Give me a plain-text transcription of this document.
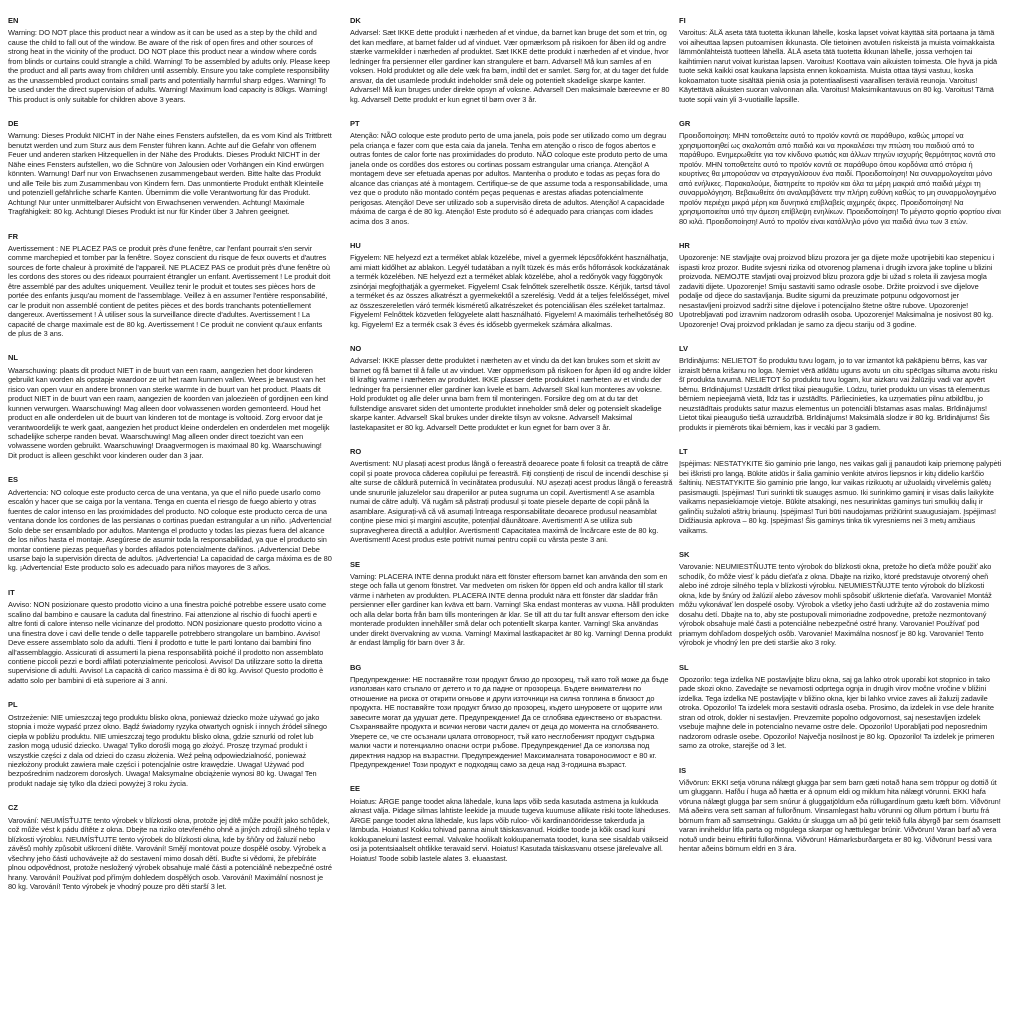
EN

Warning: DO NOT place this product near a window as it can be used as a step by the child and cause the child to fall out of the window. Be aware of the risk of open fires and other sources of strong heat in the vicinity of the product. DO NOT place this product near a window where cords from blinds or curtains could strangle a child. Warning! To be assembled by adults only. Please keep the product and all parts away from children until assembly. Ensure you take complete responsibility as the unassembled product contains small parts and potentially harmful sharp edges. Warning! To be used under the direct supervision of adults. Warning! Maximum load capacity is 80kgs. Warning! This product is only suitable for children above 3 years.

DE

Warnung: Dieses Produkt NICHT in der Nähe eines Fensters aufstellen, da es vom Kind als Trittbrett benutzt werden und zum Sturz aus dem Fenster führen kann. Achte auf die Gefahr von offenem Feuer und anderen starken Hitzequellen in der Nähe des Produkts. Dieses Produkt NICHT in der Nähe eines Fensters aufstellen, wo die Schnüre von Jalousien oder Vorhängen ein Kind erwürgen könnten. Warnung! Darf nur von Erwachsenen zusammengebaut werden. Bitte halte das Produkt und alle Teile bis zum Zusammenbau von Kindern fern. Das unmontierte Produkt enthält Kleinteile und potenziell gefährliche scharfe Kanten. Übernimm die volle Verantwortung für das Produkt. Achtung! Nur unter unmittelbarer Aufsicht von Erwachsenen verwenden. Achtung! Maximale Tragfähigkeit: 80 kg. Achtung! Dieses Produkt ist nur für Kinder über 3 Jahren geeignet.

FR

Avertissement : NE PLACEZ PAS ce produit près d'une fenêtre, car l'enfant pourrait s'en servir comme marchepied et tomber par la fenêtre. Soyez conscient du risque de feux ouverts et d'autres sources de forte chaleur à proximité de l'appareil. NE PLACEZ PAS ce produit près d'une fenêtre où les cordons des stores ou des rideaux pourraient étrangler un enfant. Avertissement ! Le produit doit être assemblé par des adultes uniquement. Veuillez tenir le produit et toutes ses pièces hors de portée des enfants jusqu'au moment de l'assemblage. Veillez à en assumer l'entière responsabilité, car le produit non assemblé contient de petites pièces et des bords tranchants potentiellement dangereux. Avertissement ! À utiliser sous la surveillance directe d'adultes. Avertissement ! La capacité de charge maximale est de 80 kg. Avertissement ! Ce produit ne convient qu'aux enfants de plus de 3 ans.

NL

Waarschuwing: plaats dit product NIET in de buurt van een raam, aangezien het door kinderen gebruikt kan worden als opstapje waardoor ze uit het raam kunnen vallen. Wees je bewust van het risico van open vuur en andere bronnen van sterke warmte in de buurt van het product. Plaats dit product NIET in de buurt van een raam, aangezien de koorden van jaloezieën of gordijnen een kind kunnen verwurgen. Waarschuwing! Mag alleen door volwassenen worden gemonteerd. Houd het product en alle onderdelen uit de buurt van kinderen tot de montage is voltooid. Zorg ervoor dat je verantwoordelijk te werk gaat, aangezien het product kleine onderdelen en onderdelen met mogelijk schadelijke scherpe randen bevat. Waarschuwing! Mag alleen onder direct toezicht van een volwassene worden gebruikt. Waarschuwing! Draagvermogen is maximaal 80 kg. Waarschuwing! Dit product is alleen geschikt voor kinderen ouder dan 3 jaar.

ES

Advertencia: NO coloque este producto cerca de una ventana, ya que el niño puede usarlo como escalón y hacer que se caiga por la ventana. Tenga en cuenta el riesgo de fuego abierto y otras fuentes de calor intenso en las proximidades del producto. NO coloque este producto cerca de una ventana donde los cordones de las persianas o cortinas puedan estrangular a un niño. ¡Advertencia! Solo debe ser ensamblado por adultos. Mantenga el producto y todas las piezas fuera del alcance de los niños hasta el montaje. Asegúrese de asumir toda la responsabilidad, ya que el producto sin montar contiene piezas pequeñas y bordes afilados potencialmente dañinos. ¡Advertencia! Debe usarse bajo la supervisión directa de adultos. ¡Advertencia! La capacidad de carga máxima es de 80 kg. ¡Advertencia! Este producto solo es adecuado para niños mayores de 3 años.

IT

Avviso: NON posizionare questo prodotto vicino a una finestra poiché potrebbe essere usato come scalino dal bambino e causare la caduta dal finestrino. Fai attenzione al rischio di fuochi aperti e altre fonti di calore intenso nelle vicinanze del prodotto. NON posizionare questo prodotto vicino a una finestra dove i cavi delle tende o delle tapparelle potrebbero strangolare un bambino. Avviso! Deve essere assemblato solo da adulti. Tieni il prodotto e tutte le parti lontano dai bambini fino all'assemblaggio. Assicurati di assumerti la piena responsabilità poiché il prodotto non assemblato contiene piccoli pezzi e bordi affilati potenzialmente pericolosi. Avviso! Da utilizzare sotto la diretta supervisione di adulti. Avviso! La capacità di carico massima è di 80 kg. Avviso! Questo prodotto è adatto solo per bambini di età superiore ai 3 anni.

PL

Ostrzeżenie: NIE umieszczaj tego produktu blisko okna, ponieważ dziecko może używać go jako stopnia i może wypaść przez okno. Bądź świadomy ryzyka otwartych ognisk i innych źródeł silnego ciepła w pobliżu produktu. NIE umieszczaj tego produktu blisko okna, gdzie sznurki od rolet lub zasłon mogą udusić dziecko. Uwaga! Tylko dorośli mogą go złożyć. Proszę trzymać produkt i wszystkie części z dala od dzieci do czasu złożenia. Weź pełną odpowiedzialność, ponieważ niezłożony produkt zawiera małe części i potencjalnie ostre krawędzie. Uwaga! Używać pod bezpośrednim nadzorem dorosłych. Uwaga! Maksymalne obciążenie wynosi 80 kg. Uwaga! Ten produkt nadaje się tylko dla dzieci powyżej 3 roku życia.

CZ

Varování: NEUMÍSŤUJTE tento výrobek v blízkosti okna, protože jej dítě může použít jako schůdek, což může vést k pádu dítěte z okna. Dbejte na riziko otevřeného ohně a jiných zdrojů silného tepla v blízkosti výrobku. NEUMÍSŤUJTE tento výrobek do blízkosti okna, kde by šňůry od žaluzií nebo závěsů mohly způsobit uškrcení dítěte. Varování! Smějí montovat pouze dospělé osoby. Výrobek a všechny jeho části uchovávejte až do sestavení mimo dosah dětí. Buďte si vědomi, že přebíráte plnou odpovědnost, protože nesložený výrobek obsahuje malé části a potenciálně nebezpečné ostré hrany. Varování! Používat pod přímým dohledem dospělých osob. Varování! Maximální nosnost je 80 kg. Varování! Tento výrobek je vhodný pouze pro děti starší 3 let.

DK

Advarsel: Sæt IKKE dette produkt i nærheden af et vindue, da barnet kan bruge det som et trin, og det kan medføre, at barnet falder ud af vinduet. Vær opmærksom på risikoen for åben ild og andre stærke varmekilder i nærheden af produktet. Sæt IKKE dette produkt i nærheden af et vindue, hvor ledninger fra persienner eller gardiner kan strangulere et barn. Advarsel! Må kun samles af en voksen. Hold produktet og alle dele væk fra børn, indtil det er samlet. Sørg for, at du tager det fulde ansvar, da det usamlede produkt indeholder små dele og potentielt skadelige skarpe kanter. Advarsel! Må kun bruges under direkte opsyn af voksne. Advarsel! Den maksimale bæreevne er 80 kg. Advarsel! Dette produkt er kun egnet til børn over 3 år.

PT

Atenção: NÃO coloque este produto perto de uma janela, pois pode ser utilizado como um degrau pela criança e fazer com que esta caia da janela. Tenha em atenção o risco de fogos abertos e outras fontes de calor forte nas proximidades do produto. NÃO coloque este produto perto de uma janela onde os cordões dos estores ou cortinas possam estrangular uma criança. Atenção! A montagem deve ser efetuada apenas por adultos. Mantenha o produto e todas as peças fora do alcance das crianças até à montagem. Certifique-se de que assume toda a responsabilidade, uma vez que o produto não montado contém peças pequenas e arestas afiadas potencialmente perigosas. Atenção! Deve ser utilizado sob a supervisão direta de adultos. Atenção! A capacidade máxima de carga é de 80 kg. Atenção! Este produto só é adequado para crianças com idades acima dos 3 anos.

HU

Figyelem: NE helyezd ezt a terméket ablak közelébe, mivel a gyermek lépcsőfokként használhatja, ami miatt kidőlhet az ablakon. Legyél tudatában a nyílt tüzek és más erős hőforrások kockázatának a termék közelében. NE helyezd ezt a terméket ablak közelébe, ahol a redőnyök vagy függönyök zsinórjai megfojthatják a gyermeket. Figyelem! Csak felnőttek szerelhetik össze. Kérjük, tartsd távol a terméket és az összes alkatrészt a gyermekektől a szerelésig. Vedd át a teljes felelősséget, mivel az összeszereletlen váró termék kisméretű alkatrészeket és potenciálisan éles széleket tartalmaz. Figyelem! Felnőttek közvetlen felügyelete alatt használható. Figyelem! A maximális terhelhetőség 80 kg. Figyelem! Ez a termék csak 3 éves és idősebb gyermekek számára alkalmas.

NO

Advarsel: IKKE plasser dette produktet i nærheten av et vindu da det kan brukes som et skritt av barnet og få barnet til å falle ut av vinduet. Vær oppmerksom på risikoen for åpen ild og andre kilder til kraftig varme i nærheten av produktet. IKKE plasser dette produktet i nærheten av et vindu der ledninger fra persienner eller gardiner kan kvele et barn. Advarsel! Skal kun monteres av voksne. Hold produktet og alle deler unna barn frem til monteringen. Forsikre deg om at du tar det fullstendige ansvaret siden det umonterte produktet inneholder små deler og potensielt skadelige skarpe kanter. Advarsel! Skal brukes under direkte tilsyn av voksne. Advarsel! Maksimal lastekapasitet er 80 kg. Advarsel! Dette produktet er kun egnet for barn over 3 år.

RO

Avertisment: NU plasați acest produs lângă o fereastră deoarece poate fi folosit ca treaptă de către copil și poate provoca căderea copilului pe fereastră. Fiți conștienți de riscul de incendii deschise și alte surse de căldură puternică în vecinătatea produsului. NU așezați acest produs lângă o fereastră unde snururile jaluzelelor sau draperiilor ar putea sugruma un copil. Avertisment! A se asambla numai de către adulți. Vă rugăm să păstrați produsul și toate piesele departe de copii până la asamblare. Asigurați-vă că vă asumați întreaga responsabilitate deoarece produsul neasamblat conține piese mici și margini ascuțite, potențial dăunătoare. Avertisment! A se utiliza sub supravegherea directă a adulților. Avertisment! Capacitatea maximă de încărcare este de 80 kg. Avertisment! Acest produs este potrivit numai pentru copiii cu vârsta peste 3 ani.

SE

Varning: PLACERA INTE denna produkt nära ett fönster eftersom barnet kan använda den som en stege och falla ut genom fönstret. Var medveten om risken för öppen eld och andra källor till stark värme i närheten av produkten. PLACERA INTE denna produkt nära ett fönster där sladdar från persienner eller gardiner kan kväva ett barn. Varning! Ska endast monteras av vuxna. Håll produkten och alla delar borta från barn tills monteringen är klar. Se till att du tar fullt ansvar eftersom den icke monterade produkten innehåller små delar och potentiellt skarpa kanter. Varning! Ska användas under direkt övervakning av vuxna. Varning! Maximal lastkapacitet är 80 kg. Varning! Denna produkt är endast lämplig för barn över 3 år.

BG

Предупреждение: НЕ поставяйте този продукт близо до прозорец, тъй като той може да бъде използван като стъпало от детето и то да падне от прозореца. Бъдете внимателни по отношение на риска от открити огньове и други източници на силна топлина в близост до продукта. НЕ поставяйте този продукт близо до прозорец, където шнуровете от щорите или завесите могат да удушат дете. Предупреждение! Да се сглобява единствено от възрастни. Съхранявайте продукта и всички негови части далеч от деца до момента на сглобяването. Уверете се, че сте осъзнали цялата отговорност, тъй като несглобеният продукт съдържа малки части и потенциално опасни остри ръбове. Предупреждение! Да се използва под директния надзор на възрастни. Предупреждение! Максималната товароносимост е 80 кг. Предупреждение! Този продукт е подходящ само за деца над 3-годишна възраст.

EE

Hoiatus: ÄRGE pange toodet akna lähedale, kuna laps võib seda kasutada astmena ja kukkuda aknast välja. Pidage silmas lahtiste leekide ja muude tugevа kuumuse allikate riski toote läheduses. ÄRGE pange toodet akna lähedale, kus laps võib ruloo- või kardinanööridesse takerduda ja lämbuda. Hoiatus! Kokku tohivad panna ainult täiskasvanud. Hoidke toode ja kõik osad kuni kokkupanekuni lastest eemal. Valvake hoolikalt kokkupanemata toodet, kuna see sisaldab väikseid osi ja potentsiaalselt ohtlikke teravaid servi. Hoiatus! Kasutada täiskasvanu otsese järelevalve all. Hoiatus! Toode sobib lastele alates 3. eluaastast.

FI

Varoitus: ÄLÄ aseta tätä tuotetta ikkunan lähelle, koska lapset voivat käyttää sitä portaana ja tämä voi aiheuttaa lapsen putoamisen ikkunasta. Ole tietoinen avotulen riskeistä ja muista voimakkaista lämmönlähteistä tuotteen lähellä. ÄLÄ aseta tätä tuotetta ikkunan lähelle, jossa verhojen tai kaihtimien narut voivat kuristaa lapsen. Varoitus! Koottava vain aikuisten toimesta. Ole hyvä ja pidä tuote sekä kaikki osat kaukana lapsista ennen kokoamista. Muista ottaa täysi vastuu, koska kokoamaton tuote sisältää pieniä osia ja potentiaalisesti vaarallisen teräviä reunoja. Varoitus! Käytettävä aikuisten suoran valvonnan alla. Varoitus! Maksimikantavuus on 80 kg. Varoitus! Tämä tuote sopii vain yli 3-vuotiaille lapsille.

GR

Προειδοποίηση: ΜΗΝ τοποθετείτε αυτό το προϊόν κοντά σε παράθυρο, καθώς μπορεί να χρησιμοποιηθεί ως σκαλοπάτι από παιδιά και να προκαλέσει την πτώση του παιδιού από το παράθυρο. Ενημερωθείτε για τον κίνδυνο φωτιάς και άλλων πηγών ισχυρής θερμότητας κοντά στο προϊόν. ΜΗΝ τοποθετείτε αυτό το προϊόν κοντά σε παράθυρο όπου κορδόνια από στόρια ή κουρτίνες θα μπορούσαν να στραγγαλίσουν ένα παιδί. Προειδοποίηση! Να συναρμολογείται μόνο από ενήλικες. Παρακαλούμε, διατηρείτε το προϊόν και όλα τα μέρη μακριά από παιδιά μέχρι τη συναρμολόγηση. Βεβαιωθείτε ότι αναλαμβάνετε την πλήρη ευθύνη καθώς το μη συναρμολογημένο προϊόν περιέχει μικρά μέρη και δυνητικά επιβλαβείς αιχμηρές άκρες. Προειδοποίηση! Να χρησιμοποιείται υπό την άμεση επίβλεψη ενηλίκων. Προειδοποίηση! Το μέγιστο φορτίο φορτίου είναι 80 κιλά. Προειδοποίηση! Αυτό το προϊόν είναι κατάλληλο μόνο για παιδιά άνω των 3 ετών.

HR

Upozorenje: NE stavljajte ovaj proizvod blizu prozora jer ga dijete može upotrijebiti kao stepenicu i ispasti kroz prozor. Budite svjesni rizika od otvorenog plamena i drugih izvora jake topline u blizini proizvoda. NEMOJTE stavljati ovaj proizvod blizu prozora gdje bi užad s roleta ili zavjesa mogla zadaviti dijete. Upozorenje! Smiju sastaviti samo odrasle osobe. Držite proizvod i sve dijelove podalje od djece do sastavljanja. Budite sigurni da preuzimate potpunu odgovornost jer nesastavljeni proizvod sadrži sitne dijelove i potencijalno štetne oštre rubove. Upozorenje! Upotrebljavati pod izravnim nadzorom odraslih osoba. Upozorenje! Maksimalna je nosivost 80 kg. Upozorenje! Ovaj proizvod prikladan je samo za djecu stariju od 3 godine.

LV

Brīdinājums: NELIETOT šo produktu tuvu logam, jo to var izmantot kā pakāpienu bērns, kas var izraisīt bērna krišanu no loga. Ņemiet vērā atklātu uguns avotu un citu spēcīgas siltuma avotu risku šī produkta tuvumā. NELIETOT šo produktu tuvu logam, kur aizkaru vai žalūziju vadi var apvērt bērnu. Brīdinājums! Uzstādīt drīkst tikai pieaugušie. Lūdzu, turiet produktu un visas tā elementus bērniem nepieejamā vietā, līdz tas ir uzstādīts. Pārliecinieties, ka uzņematies pilnu atbildību, jo neuzstādītais produkts satur mazus elementus un potenciāli bīstamas asas malas. Brīdinājums! Lietot tikai pieaugušo tiešā uzraudzībā. Brīdinājums! Maksimālā slodze ir 80 kg. Brīdinājums! Šis produkts ir piemērots tikai bērniem, kas ir vecāki par 3 gadiem.

LT

Įspėjimas: NESTATYKITE šio gaminio prie lango, nes vaikas gali jį panaudoti kaip priemonę palypėti bei iškristi pro langą. Būkite atidūs ir šalia gaminio venkite atviros liepsnos ir kitų didelio karščio šaltinių. NESTATYKITE šio gaminio prie lango, kur vaikas rizikuotų ar užuolaidų virvelėmis galėtų pasismaugti. Įspėjimas! Turi surinkti tik suaugęs asmuo. Iki surinkimo gaminį ir visas dalis laikykite vaikams nepasiekiamoje vietoje. Būkite atsakingi, nes nesurinktas gaminys turi smulkių dalių ir galinčių sužaloti aštrių briaunų. Įspėjimas! Turi būti naudojamas prižiūrint suaugusiajam. Įspėjimas! Didžiausia apkrova – 80 kg. Įspėjimas! Šis gaminys tinka tik vyresniems nei 3 metų amžiaus vaikams.

SK

Varovanie: NEUMIESTŇUJTE tento výrobok do blízkosti okna, pretože ho dieťa môže použiť ako schodík, čo môže viesť k pádu dieťaťa z okna. Dbajte na riziko, ktoré predstavuje otvorený oheň alebo iné zdroje silného tepla v blízkosti výrobku. NEUMIESTŇUJTE tento výrobok do blízkosti okna, kde by šnúry od žalúzií alebo závesov mohli spôsobiť uškrtenie dieťaťa. Varovanie! Montáž môžu vykonávať len dospelé osoby. Výrobok a všetky jeho časti udržujte až do zostavenia mimo dosahu detí. Dbajte na to, aby ste postupovali mimoriadne zodpovedne, pretože nezmontovaný výrobok obsahuje malé časti a potenciálne nebezpečné ostré hrany. Varovanie! Používať pod priamym dohľadom dospelých osôb. Varovanie! Maximálna nosnosť je 80 kg. Varovanie! Tento výrobok je vhodný len pre deti staršie ako 3 roky.

SL

Opozorilo: tega izdelka NE postavljajte blizu okna, saj ga lahko otrok uporabi kot stopnico in tako pade skozi okno. Zavedajte se nevarnosti odprtega ognja in drugih virov močne vročine v bližini izdelka. Tega izdelka NE postavljajte v bližino okna, kjer bi lahko vrvice zaves ali žaluzij zadavile otroka. Opozorilo! Ta izdelek mora sestaviti odrasla oseba. Prosimo, da izdelek in vse dele hranite stran od otrok, dokler ni sestavljen. Prevzemite popolno odgovornost, saj nesestavljen izdelek vsebuje majhne dele in potencialno nevarne ostre dele. Opozorilo! Uporabljati pod neposrednim nadzorom odrasle osebe. Opozorilo! Največja nosilnost je 80 kg. Opozorilo! Ta izdelek je primeren samo za otroke, starejše od 3 let.

IS

Viðvörun: EKKI setja vöruna nálægt glugga þar sem barn gæti notað hana sem tröppur og dottið út um gluggann. Hafðu í huga að hætta er á opnum eldi og miklum hita nálægt vörunni. EKKI hafa vöruna nálægt glugga þar sem snúrur á gluggatjöldum eða rúllugardínum gætu kæft börn. Viðvörun! Má aðeins vera sett saman af fullorðnum. Vinsamlegast haltu vörunni og öllum pörtum í burtu frá börnum fram að samsetningu. Gakktu úr skugga um að þú getir tekið fulla ábyrgð þar sem ósamsett varan inniheldur litla parta og mögulega skarpar og hættulegar brúnir. Viðvörun! Varan barf að vera notuð undir beinu eftirliti fullorðinna. Viðvörun! Hámarksburðargeta er 80 kg. Viðvörun! Þessi vara hentar aðeins börnum eldri en 3 ára.
